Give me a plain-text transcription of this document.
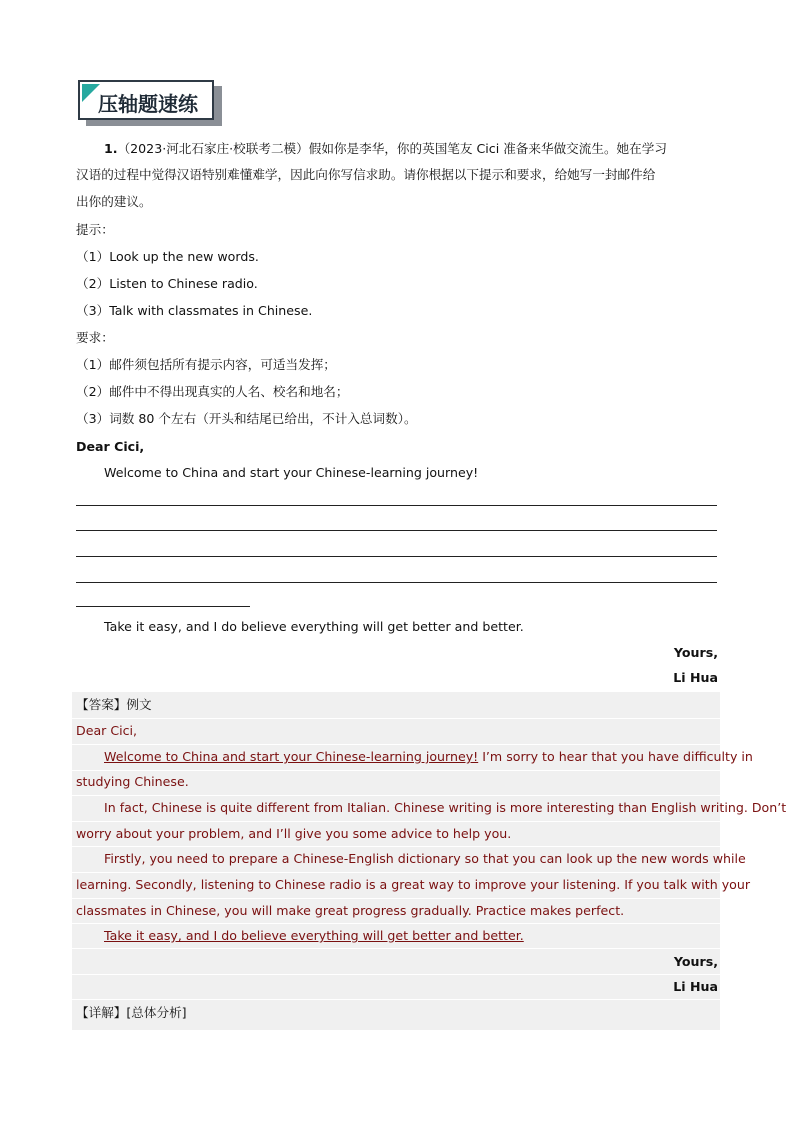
压轴题速练
1.（2023·河北石家庄·校联考二模）假如你是李华，你的英国笔友 Cici 准备来华做交流生。她在学习
汉语的过程中觉得汉语特别难懂难学，因此向你写信求助。请你根据以下提示和要求，给她写一封邮件给
出你的建议。
提示：
（1）Look up the new words.
（2）Listen to Chinese radio.
（3）Talk with classmates in Chinese.
要求：
（1）邮件须包括所有提示内容，可适当发挥；
（2）邮件中不得出现真实的人名、校名和地名；
（3）词数 80 个左右（开头和结尾已给出，不计入总词数）。
Dear Cici,
Welcome to China and start your Chinese-learning journey!
Take it easy, and I do believe everything will get better and better.
Yours,
Li Hua
【答案】例文
Dear Cici,
Welcome to China and start your Chinese-learning journey! I’m sorry to hear that you have difficulty in
studying Chinese.
In fact, Chinese is quite different from Italian. Chinese writing is more interesting than English writing. Don’t
worry about your problem, and I’ll give you some advice to help you.
Firstly, you need to prepare a Chinese-English dictionary so that you can look up the new words while
learning. Secondly, listening to Chinese radio is a great way to improve your listening. If you talk with your
classmates in Chinese, you will make great progress gradually. Practice makes perfect.
Take it easy, and I do believe everything will get better and better.
Yours,
Li Hua
【详解】[总体分析]
